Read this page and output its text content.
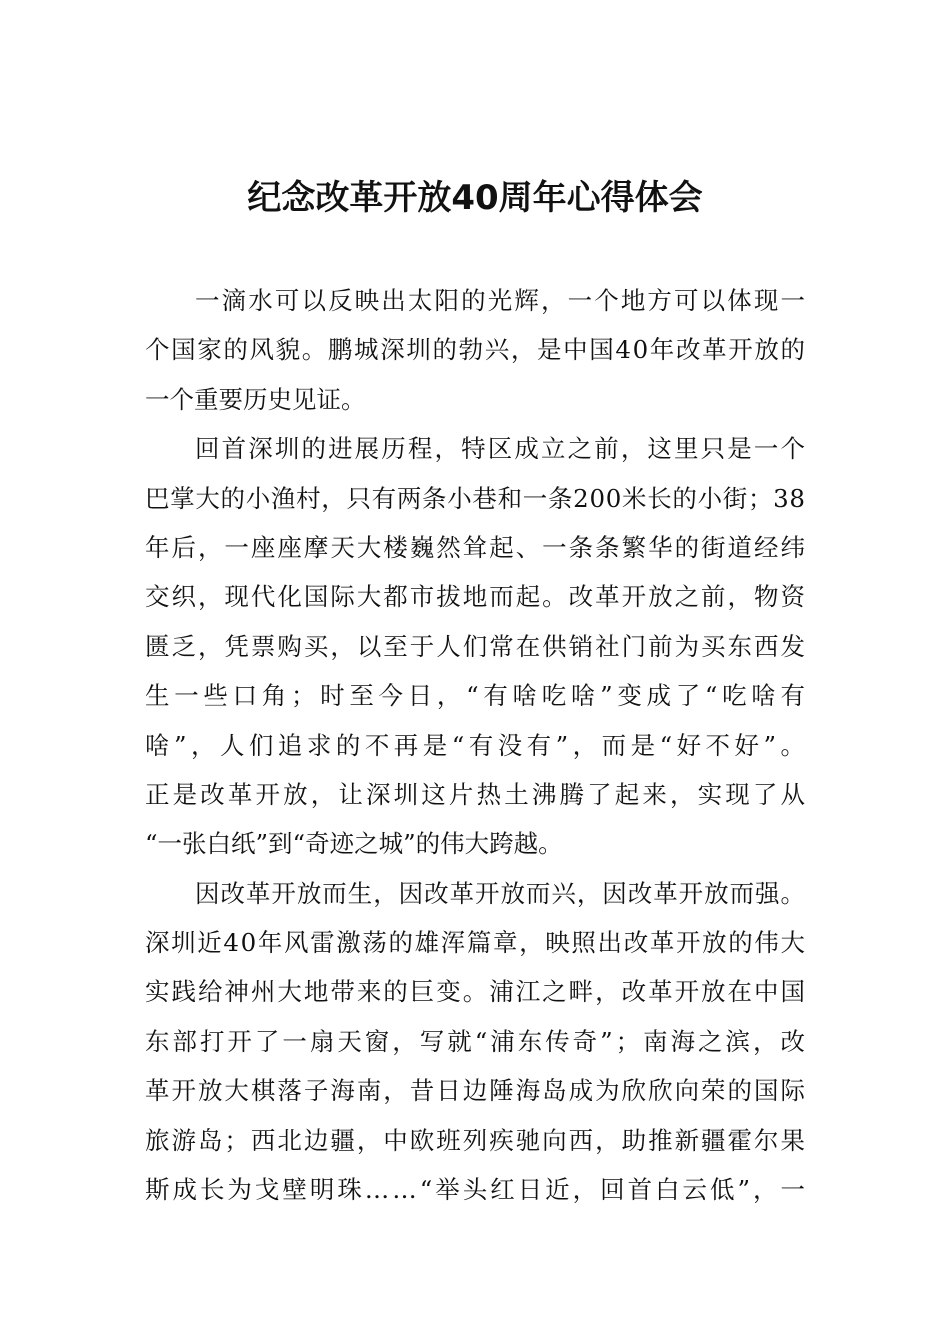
纪念改革开放40周年心得体会
一滴水可以反映出太阳的光辉，一个地方可以体现一
个国家的风貌。鹏城深圳的勃兴，是中国40年改革开放的
一个重要历史见证。
回首深圳的进展历程，特区成立之前，这里只是一个
巴掌大的小渔村，只有两条小巷和一条200米长的小街；38
年后，一座座摩天大楼巍然耸起、一条条繁华的街道经纬
交织，现代化国际大都市拔地而起。改革开放之前，物资
匮乏，凭票购买，以至于人们常在供销社门前为买东西发
生一些口角；时至今日，“有啥吃啥”变成了“吃啥有
啥”，人们追求的不再是“有没有”，而是“好不好”。
正是改革开放，让深圳这片热土沸腾了起来，实现了从
“一张白纸”到“奇迹之城”的伟大跨越。
因改革开放而生，因改革开放而兴，因改革开放而强。
深圳近40年风雷激荡的雄浑篇章，映照出改革开放的伟大
实践给神州大地带来的巨变。浦江之畔，改革开放在中国
东部打开了一扇天窗，写就“浦东传奇”；南海之滨，改
革开放大棋落子海南，昔日边陲海岛成为欣欣向荣的国际
旅游岛；西北边疆，中欧班列疾驰向西，助推新疆霍尔果
斯成长为戈壁明珠……“举头红日近，回首白云低”，一
